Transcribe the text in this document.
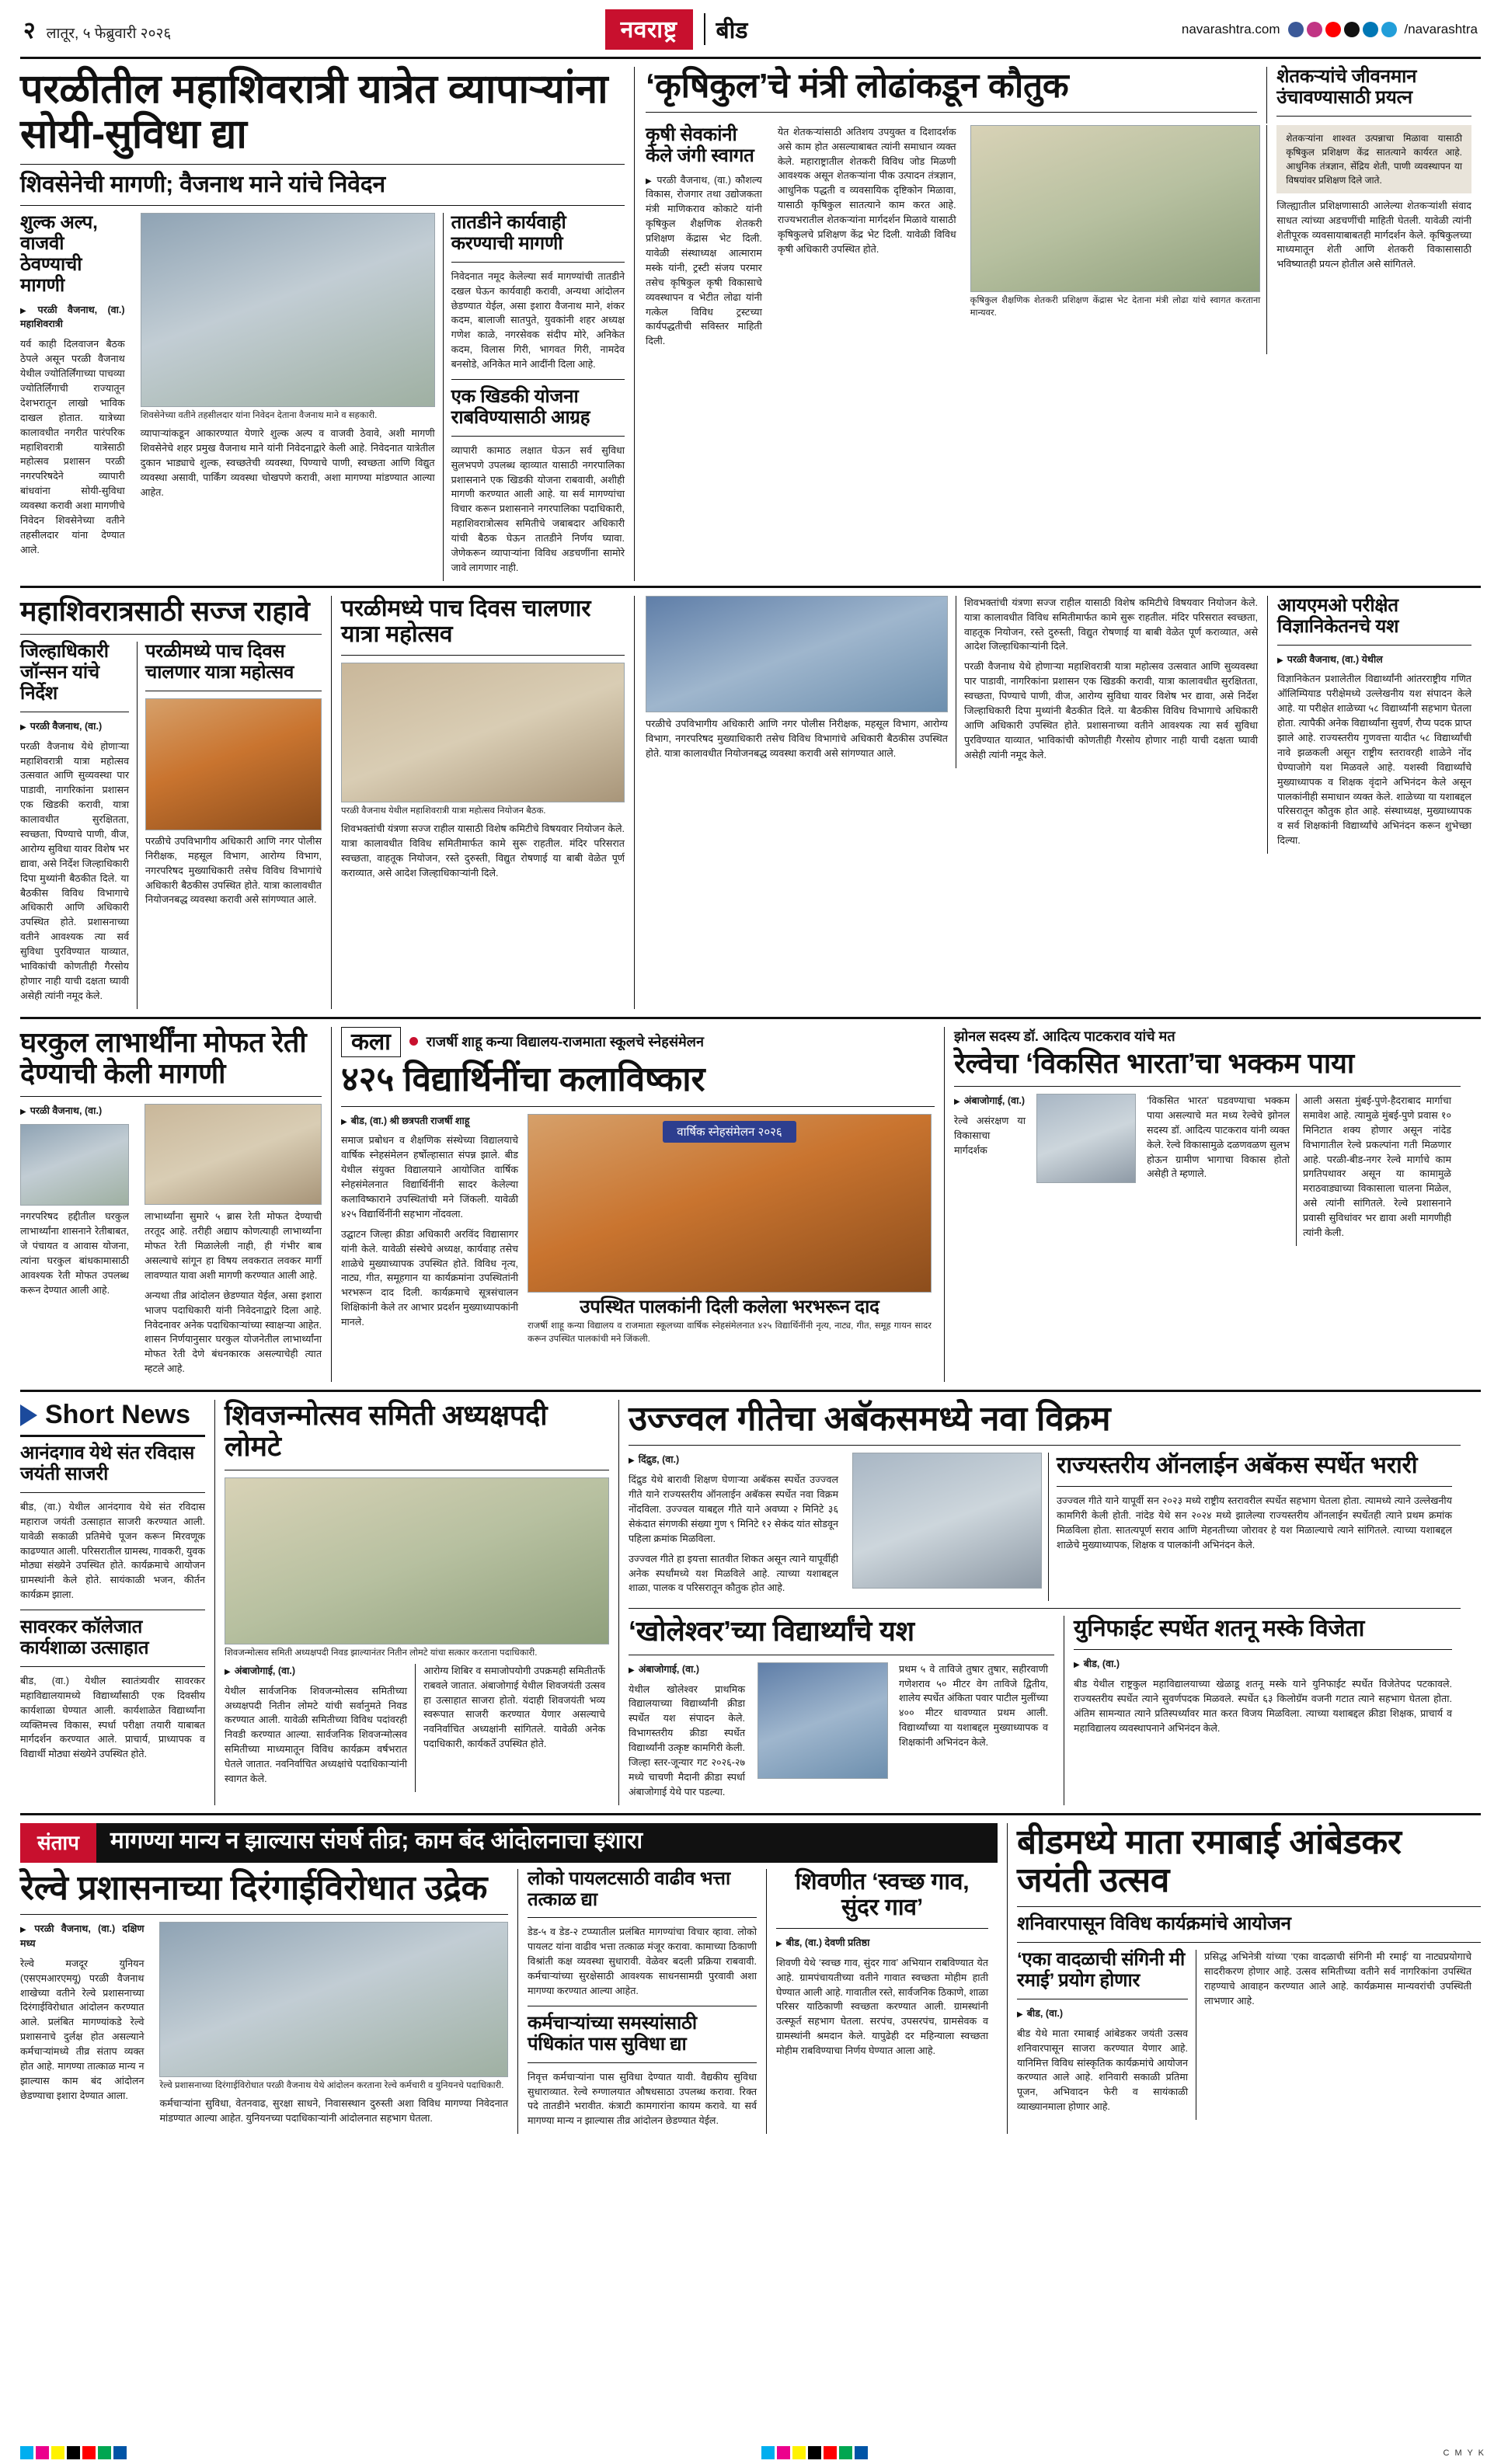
२ लातूर, ५ फेब्रुवारी २०२६	नवराष्ट्र	बीड	navarashtra.com	/navarashtra
परळीतील महाशिवरात्री यात्रेत व्यापाऱ्यांना सोयी-सुविधा द्या
शिवसेनेची मागणी; वैजनाथ माने यांचे निवेदन
शुल्क अल्प, वाजवी ठेवण्याची मागणी

▶ परळी वैजनाथ, (वा.) महाशिवरात्री

यर्व काही दिलवाजन बैठक ठेपले असून परळी वैजनाथ येथील ज्योतिर्लिंगाच्या पाचव्या ज्योतिर्लिंगाची राज्यातून देशभरातून लाखो भाविक दाखल होतात. यात्रेच्या कालावधीत नगरीत पारंपरिक महाशिवरात्री यात्रेसाठी महोत्सव प्रशासन परळी नगरपरिषदेने व्यापारी बांधवांना सोयी-सुविधा व्यवस्था करावी अशा मागणीचे निवेदन शिवसेनेच्या वतीने तहसीलदार यांना देण्यात आले.

शिवसेनेच्या वतीने तहसीलदार यांना निवेदन देताना वैजनाथ माने व सहकारी.

व्यापाऱ्यांकडून आकारण्यात येणारे शुल्क अल्प व वाजवी ठेवावे, अशी मागणी शिवसेनेचे शहर प्रमुख वैजनाथ माने यांनी निवेदनाद्वारे केली आहे. निवेदनात यात्रेतील दुकान भाड्याचे शुल्क, स्वच्छतेची व्यवस्था, पिण्याचे पाणी, स्वच्छता आणि विद्युत व्यवस्था असावी, पार्किंग व्यवस्था चोखपणे करावी, अशा मागण्या मांडण्यात आल्या आहेत.

तातडीने कार्यवाही करण्याची मागणी

निवेदनात नमूद केलेल्या सर्व मागण्यांची तातडीने दखल घेऊन कार्यवाही करावी, अन्यथा आंदोलन छेडण्यात येईल, असा इशारा वैजनाथ माने, शंकर कदम, बालाजी सातपुते, युवकांनी शहर अध्यक्ष गणेश काळे, नगरसेवक संदीप मोरे, अनिकेत कदम, विलास गिरी, भागवत गिरी, नामदेव बनसोडे, अनिकेत माने आदींनी दिला आहे.

एक खिडकी योजना राबविण्यासाठी आग्रह

व्यापारी कामाठ लक्षात घेऊन सर्व सुविधा सुलभपणे उपलब्ध व्हाव्यात यासाठी नगरपालिका प्रशासनाने एक खिडकी योजना राबवावी, अशीही मागणी करण्यात आली आहे. या सर्व मागण्यांचा विचार करून प्रशासनाने नगरपालिका पदाधिकारी, महाशिवरात्रोत्सव समितीचे जबाबदार अधिकारी यांची बैठक घेऊन तातडीने निर्णय घ्यावा. जेणेकरून व्यापाऱ्यांना विविध अडचणींना सामोरे जावे लागणार नाही.

‘कृषिकुल’चे मंत्री लोढांकडून कौतुक	शेतकऱ्यांचे जीवनमान उंचावण्यासाठी प्रयत्न
कृषी सेवकांनी केले जंगी स्वागत

▶ परळी वैजनाथ, (वा.) कौशल्य विकास, रोजगार तथा उद्योजकता मंत्री माणिकराव कोकाटे यांनी कृषिकुल शैक्षणिक शेतकरी प्रशिक्षण केंद्रास भेट दिली. यावेळी संस्थाध्यक्ष आत्माराम मस्के यांनी, ट्रस्टी संजय परमार तसेच कृषिकुल कृषी विकासाचे व्यवस्थापन व भेटीत लोढा यांनी गत्केल विविध ट्रस्टच्या कार्यपद्धतीची सविस्तर माहिती दिली.

येत शेतकऱ्यांसाठी अतिशय उपयुक्त व दिशादर्शक असे काम होत असल्याबाबत त्यांनी समाधान व्यक्त केले. महाराष्ट्रातील शेतकरी विविध जोड मिळणी आवश्यक असून शेतकऱ्यांना पीक उत्पादन तंत्रज्ञान, आधुनिक पद्धती व व्यवसायिक दृष्टिकोन मिळावा, यासाठी कृषिकुल सातत्याने काम करत आहे. राज्यभरातील शेतकऱ्यांना मार्गदर्शन मिळावे यासाठी कृषिकुलचे प्रशिक्षण केंद्र भेट दिली. यावेळी विविध कृषी अधिकारी उपस्थित होते.

कृषिकुल शैक्षणिक शेतकरी प्रशिक्षण केंद्रास भेट देताना मंत्री लोढा यांचे स्वागत करताना मान्यवर.
शेतकऱ्यांना शाश्वत उत्पन्नाचा मिळावा यासाठी कृषिकुल प्रशिक्षण केंद्र सातत्याने कार्यरत आहे. आधुनिक तंत्रज्ञान, सेंद्रिय शेती, पाणी व्यवस्थापन या विषयांवर प्रशिक्षण दिले जाते.

जिल्ह्यातील प्रशिक्षणासाठी आलेल्या शेतकऱ्यांशी संवाद साधत त्यांच्या अडचणींची माहिती घेतली. यावेळी त्यांनी शेतीपूरक व्यवसायाबाबतही मार्गदर्शन केले. कृषिकुलच्या माध्यमातून शेती आणि शेतकरी विकासासाठी भविष्यातही प्रयत्न होतील असे सांगितले.

महाशिवरात्रसाठी सज्ज राहावे
जिल्हाधिकारी जॉन्सन यांचे निर्देश

▶ परळी वैजनाथ, (वा.)

परळी वैजनाथ येथे होणाऱ्या महाशिवरात्री यात्रा महोत्सव उत्सवात आणि सुव्यवस्था पार पाडावी, नागरिकांना प्रशासन एक खिडकी करावी, यात्रा कालावधीत सुरक्षितता, स्वच्छता, पिण्याचे पाणी, वीज, आरोग्य सुविधा यावर विशेष भर द्यावा, असे निर्देश जिल्हाधिकारी दिपा मुथ्यांनी बैठकीत दिले. या बैठकीस विविध विभागाचे अधिकारी आणि अधिकारी उपस्थित होते. प्रशासनाच्या वतीने आवश्यक त्या सर्व सुविधा पुरविण्यात याव्यात, भाविकांची कोणतीही गैरसोय होणार नाही याची दक्षता घ्यावी असेही त्यांनी नमूद केले.

परळीमध्ये पाच दिवस चालणार यात्रा महोत्सव

परळीचे उपविभागीय अधिकारी आणि नगर पोलीस निरीक्षक, महसूल विभाग, आरोग्य विभाग, नगरपरिषद मुख्याधिकारी तसेच विविध विभागांचे अधिकारी बैठकीस उपस्थित होते. यात्रा कालावधीत नियोजनबद्ध व्यवस्था करावी असे सांगण्यात आले.

परळीमध्ये पाच दिवस चालणार यात्रा महोत्सव
परळी वैजनाथ येथील महाशिवरात्री यात्रा महोत्सव नियोजन बैठक.

शिवभक्तांची यंत्रणा सज्ज राहील यासाठी विशेष कमिटीचे विषयवार नियोजन केले. यात्रा कालावधीत विविध समितीमार्फत कामे सुरू राहतील. मंदिर परिसरात स्वच्छता, वाहतूक नियोजन, रस्ते दुरुस्ती, विद्युत रोषणाई या बाबी वेळेत पूर्ण कराव्यात, असे आदेश जिल्हाधिकाऱ्यांनी दिले.

परळीचे उपविभागीय अधिकारी आणि नगर पोलीस निरीक्षक, महसूल विभाग, आरोग्य विभाग, नगरपरिषद मुख्याधिकारी तसेच विविध विभागांचे अधिकारी बैठकीस उपस्थित होते. यात्रा कालावधीत नियोजनबद्ध व्यवस्था करावी असे सांगण्यात आले.

शिवभक्तांची यंत्रणा सज्ज राहील यासाठी विशेष कमिटीचे विषयवार नियोजन केले. यात्रा कालावधीत विविध समितीमार्फत कामे सुरू राहतील. मंदिर परिसरात स्वच्छता, वाहतूक नियोजन, रस्ते दुरुस्ती, विद्युत रोषणाई या बाबी वेळेत पूर्ण कराव्यात, असे आदेश जिल्हाधिकाऱ्यांनी दिले.

परळी वैजनाथ येथे होणाऱ्या महाशिवरात्री यात्रा महोत्सव उत्सवात आणि सुव्यवस्था पार पाडावी, नागरिकांना प्रशासन एक खिडकी करावी, यात्रा कालावधीत सुरक्षितता, स्वच्छता, पिण्याचे पाणी, वीज, आरोग्य सुविधा यावर विशेष भर द्यावा, असे निर्देश जिल्हाधिकारी दिपा मुथ्यांनी बैठकीत दिले. या बैठकीस विविध विभागाचे अधिकारी आणि अधिकारी उपस्थित होते. प्रशासनाच्या वतीने आवश्यक त्या सर्व सुविधा पुरविण्यात याव्यात, भाविकांची कोणतीही गैरसोय होणार नाही याची दक्षता घ्यावी असेही त्यांनी नमूद केले.

आयएमओ परीक्षेत विज्ञानिकेतनचे यश

▶ परळी वैजनाथ, (वा.) येथील

विज्ञानिकेतन प्रशालेतील विद्यार्थ्यांनी आंतरराष्ट्रीय गणित ऑलिम्पियाड परीक्षेमध्ये उल्लेखनीय यश संपादन केले आहे. या परीक्षेत शाळेच्या ५८ विद्यार्थ्यांनी सहभाग घेतला होता. त्यापैकी अनेक विद्यार्थ्यांना सुवर्ण, रौप्य पदक प्राप्त झाले आहे. राज्यस्तरीय गुणवत्ता यादीत ५८ विद्यार्थ्यांची नावे झळकली असून राष्ट्रीय स्तरावरही शाळेने नोंद घेण्याजोगे यश मिळवले आहे. यशस्वी विद्यार्थ्यांचे मुख्याध्यापक व शिक्षक वृंदाने अभिनंदन केले असून पालकांनीही समाधान व्यक्त केले. शाळेच्या या यशाबद्दल परिसरातून कौतुक होत आहे. संस्थाध्यक्ष, मुख्याध्यापक व सर्व शिक्षकांनी विद्यार्थ्यांचे अभिनंदन करून शुभेच्छा दिल्या.

घरकुल लाभार्थींना मोफत रेती देण्याची केली मागणी

▶ परळी वैजनाथ, (वा.)

नगरपरिषद हद्दीतील घरकुल लाभार्थ्यांना शासनाने रेतीबाबत, जे पंचायत व आवास योजना, त्यांना घरकुल बांधकामासाठी आवश्यक रेती मोफत उपलब्ध करून देण्यात आली आहे.

लाभार्थ्यांना सुमारे ५ ब्रास रेती मोफत देण्याची तरतूद आहे. तरीही अद्याप कोणत्याही लाभार्थ्यांना मोफत रेती मिळालेली नाही, ही गंभीर बाब असल्याचे सांगून हा विषय लवकरात लवकर मार्गी लावण्यात यावा अशी मागणी करण्यात आली आहे.

अन्यथा तीव्र आंदोलन छेडण्यात येईल, असा इशारा भाजप पदाधिकारी यांनी निवेदनाद्वारे दिला आहे. निवेदनावर अनेक पदाधिकाऱ्यांच्या स्वाक्षऱ्या आहेत. शासन निर्णयानुसार घरकुल योजनेतील लाभार्थ्यांना मोफत रेती देणे बंधनकारक असल्याचेही त्यात म्हटले आहे.

कला	राजर्षी शाहू कन्या विद्यालय-राजमाता स्कूलचे स्नेहसंमेलन
४२५ विद्यार्थिनींचा कलाविष्कार

▶ बीड, (वा.) श्री छत्रपती राजर्षी शाहू

समाज प्रबोधन व शैक्षणिक संस्थेच्या विद्यालयाचे वार्षिक स्नेहसंमेलन हर्षोल्हासात संपन्न झाले. बीड येथील संयुक्त विद्यालयाने आयोजित वार्षिक स्नेहसंमेलनात विद्यार्थिनींनी सादर केलेल्या कलाविष्काराने उपस्थितांची मने जिंकली. यावेळी ४२५ विद्यार्थिनींनी सहभाग नोंदवला.

उद्घाटन जिल्हा क्रीडा अधिकारी अरविंद विद्यासागर यांनी केले. यावेळी संस्थेचे अध्यक्ष, कार्यवाह तसेच शाळेचे मुख्याध्यापक उपस्थित होते. विविध नृत्य, नाट्य, गीत, समूहगान या कार्यक्रमांना उपस्थितांनी भरभरून दाद दिली. कार्यक्रमाचे सूत्रसंचालन शिक्षिकांनी केले तर आभार प्रदर्शन मुख्याध्यापकांनी मानले.

वार्षिक स्नेहसंमेलन २०२६
उपस्थित पालकांनी दिली कलेला भरभरून दाद
राजर्षी शाहू कन्या विद्यालय व राजमाता स्कूलच्या वार्षिक स्नेहसंमेलनात ४२५ विद्यार्थिनींनी नृत्य, नाट्य, गीत, समूह गायन सादर करून उपस्थित पालकांची मने जिंकली.
झोनल सदस्य डॉ. आदित्य पाटकराव यांचे मत
रेल्वेचा ‘विकसित भारता’चा भक्कम पाया

▶ अंबाजोगाई, (वा.)

रेल्वे असंरक्षण या विकासाचा मार्गदर्शक

‘विकसित भारत’ घडवण्याचा भक्कम पाया असल्याचे मत मध्य रेल्वेचे झोनल सदस्य डॉ. आदित्य पाटकराव यांनी व्यक्त केले. रेल्वे विकासामुळे दळणवळण सुलभ होऊन ग्रामीण भागाचा विकास होतो असेही ते म्हणाले.

आली असता मुंबई-पुणे-हैदराबाद मार्गाचा समावेश आहे. त्यामुळे मुंबई-पुणे प्रवास १० मिनिटात शक्य होणार असून नांदेड विभागातील रेल्वे प्रकल्पांना गती मिळणार आहे. परळी-बीड-नगर रेल्वे मार्गाचे काम प्रगतिपथावर असून या कामामुळे मराठवाड्याच्या विकासाला चालना मिळेल, असे त्यांनी सांगितले. रेल्वे प्रशासनाने प्रवासी सुविधांवर भर द्यावा अशी मागणीही त्यांनी केली.

Short News
आनंदगाव येथे संत रविदास जयंती साजरी

बीड, (वा.) येथील आनंदगाव येथे संत रविदास महाराज जयंती उत्साहात साजरी करण्यात आली. यावेळी सकाळी प्रतिमेचे पूजन करून मिरवणूक काढण्यात आली. परिसरातील ग्रामस्थ, गावकरी, युवक मोठ्या संख्येने उपस्थित होते. कार्यक्रमाचे आयोजन ग्रामस्थांनी केले होते. सायंकाळी भजन, कीर्तन कार्यक्रम झाला.

सावरकर कॉलेजात कार्यशाळा उत्साहात

बीड, (वा.) येथील स्वातंत्र्यवीर सावरकर महाविद्यालयामध्ये विद्यार्थ्यांसाठी एक दिवसीय कार्यशाळा घेण्यात आली. कार्यशाळेत विद्यार्थ्यांना व्यक्तिमत्त्व विकास, स्पर्धा परीक्षा तयारी याबाबत मार्गदर्शन करण्यात आले. प्राचार्य, प्राध्यापक व विद्यार्थी मोठ्या संख्येने उपस्थित होते.

शिवजन्मोत्सव समिती अध्यक्षपदी लोमटे
शिवजन्मोत्सव समिती अध्यक्षपदी निवड झाल्यानंतर नितीन लोमटे यांचा सत्कार करताना पदाधिकारी.

▶ अंबाजोगाई, (वा.)

येथील सार्वजनिक शिवजन्मोत्सव समितीच्या अध्यक्षपदी नितीन लोमटे यांची सर्वानुमते निवड करण्यात आली. यावेळी समितीच्या विविध पदांवरही निवडी करण्यात आल्या. सार्वजनिक शिवजन्मोत्सव समितीच्या माध्यमातून विविध कार्यक्रम वर्षभरात घेतले जातात. नवनिर्वाचित अध्यक्षांचे पदाधिकाऱ्यांनी स्वागत केले.

आरोग्य शिबिर व समाजोपयोगी उपक्रमही समितीतर्फे राबवले जातात. अंबाजोगाई येथील शिवजयंती उत्सव हा उत्साहात साजरा होतो. यंदाही शिवजयंती भव्य स्वरूपात साजरी करण्यात येणार असल्याचे नवनिर्वाचित अध्यक्षांनी सांगितले. यावेळी अनेक पदाधिकारी, कार्यकर्ते उपस्थित होते.

उज्ज्वल गीतेचा अबॅकसमध्ये नवा विक्रम

▶ दिंद्रुड, (वा.)

दिंद्रुड येथे बारावी शिक्षण घेणाऱ्या अबॅकस स्पर्धेत उज्ज्वल गीते याने राज्यस्तरीय ऑनलाईन अबॅकस स्पर्धेत नवा विक्रम नोंदविला. उज्ज्वल याबद्दल गीते याने अवघ्या २ मिनिटे ३६ सेकंदात संगणकी संख्या गुण ९ मिनिटे १२ सेकंद यांत सोडवून पहिला क्रमांक मिळविला.

उज्ज्वल गीते हा इयत्ता सातवीत शिकत असून त्याने यापूर्वीही अनेक स्पर्धांमध्ये यश मिळविले आहे. त्याच्या यशाबद्दल शाळा, पालक व परिसरातून कौतुक होत आहे.

राज्यस्तरीय ऑनलाईन अबॅकस स्पर्धेत भरारी

उज्ज्वल गीते याने यापूर्वी सन २०२३ मध्ये राष्ट्रीय स्तरावरील स्पर्धेत सहभाग घेतला होता. त्यामध्ये त्याने उल्लेखनीय कामगिरी केली होती. नांदेड येथे सन २०२४ मध्ये झालेल्या राज्यस्तरीय ऑनलाईन स्पर्धेतही त्याने प्रथम क्रमांक मिळविला होता. सातत्यपूर्ण सराव आणि मेहनतीच्या जोरावर हे यश मिळाल्याचे त्याने सांगितले. त्याच्या यशाबद्दल शाळेचे मुख्याध्यापक, शिक्षक व पालकांनी अभिनंदन केले.

‘खोलेश्वर’च्या विद्यार्थ्यांचे यश

▶ अंबाजोगाई, (वा.)

येथील खोलेश्वर प्राथमिक विद्यालयाच्या विद्यार्थ्यांनी क्रीडा स्पर्धेत यश संपादन केले. विभागस्तरीय क्रीडा स्पर्धेत विद्यार्थ्यांनी उत्कृष्ट कामगिरी केली. जिल्हा स्तर-जून्यार गट २०२६-२७ मध्ये चाचणी मैदानी क्रीडा स्पर्धा अंबाजोगाई येथे पार पडल्या.

प्रथम ५ वे ताविजे तुषार तुषार, सहीरवाणी गणेशराव ५० मीटर वेग ताविजे द्वितीय, शालेय स्पर्धेत अंकिता पवार पाटील मुलींच्या ४०० मीटर धावण्यात प्रथम आली. विद्यार्थ्यांच्या या यशाबद्दल मुख्याध्यापक व शिक्षकांनी अभिनंदन केले.

युनिफाईट स्पर्धेत शतनू मस्के विजेता

▶ बीड, (वा.)

बीड येथील राष्ट्रकुल महाविद्यालयाच्या खेळाडू शतनू मस्के याने युनिफाईट स्पर्धेत विजेतेपद पटकावले. राज्यस्तरीय स्पर्धेत त्याने सुवर्णपदक मिळवले. स्पर्धेत ६३ किलोग्रॅम वजनी गटात त्याने सहभाग घेतला होता. अंतिम सामन्यात त्याने प्रतिस्पर्ध्यावर मात करत विजय मिळविला. त्याच्या यशाबद्दल क्रीडा शिक्षक, प्राचार्य व महाविद्यालय व्यवस्थापनाने अभिनंदन केले.

संताप	मागण्या मान्य न झाल्यास संघर्ष तीव्र; काम बंद आंदोलनाचा इशारा
रेल्वे प्रशासनाच्या दिरंगाईविरोधात उद्रेक

▶ परळी वैजनाथ, (वा.) दक्षिण मध्य

रेल्वे मजदूर युनियन (एसएमआरएमयू) परळी वैजनाथ शाखेच्या वतीने रेल्वे प्रशासनाच्या दिरंगाईविरोधात आंदोलन करण्यात आले. प्रलंबित मागण्यांकडे रेल्वे प्रशासनाचे दुर्लक्ष होत असल्याने कर्मचाऱ्यांमध्ये तीव्र संताप व्यक्त होत आहे. मागण्या तात्काळ मान्य न झाल्यास काम बंद आंदोलन छेडण्याचा इशारा देण्यात आला.

रेल्वे प्रशासनाच्या दिरंगाईविरोधात परळी वैजनाथ येथे आंदोलन करताना रेल्वे कर्मचारी व युनियनचे पदाधिकारी.

कर्मचाऱ्यांना सुविधा, वेतनवाढ, सुरक्षा साधने, निवासस्थान दुरुस्ती अशा विविध मागण्या निवेदनात मांडण्यात आल्या आहेत. युनियनच्या पदाधिकाऱ्यांनी आंदोलनात सहभाग घेतला.

लोको पायलटसाठी वाढीव भत्ता तत्काळ द्या

डेड-५ व डेड-२ टप्प्यातील प्रलंबित मागण्यांचा विचार व्हावा. लोको पायलट यांना वाढीव भत्ता तत्काळ मंजूर करावा. कामाच्या ठिकाणी विश्रांती कक्ष व्यवस्था सुधारावी. वेळेवर बदली प्रक्रिया राबवावी. कर्मचाऱ्यांच्या सुरक्षेसाठी आवश्यक साधनसामग्री पुरवावी अशा मागण्या करण्यात आल्या आहेत.

कर्मचाऱ्यांच्या समस्यांसाठी पंधिकांत पास सुविधा द्या

निवृत्त कर्मचाऱ्यांना पास सुविधा देण्यात यावी. वैद्यकीय सुविधा सुधाराव्यात. रेल्वे रुग्णालयात औषधसाठा उपलब्ध करावा. रिक्त पदे तातडीने भरावीत. कंत्राटी कामगारांना कायम करावे. या सर्व मागण्या मान्य न झाल्यास तीव्र आंदोलन छेडण्यात येईल.

शिवणीत ‘स्वच्छ गाव, सुंदर गाव’

▶ बीड, (वा.) देवणी प्रतिष्ठा

शिवणी येथे ‘स्वच्छ गाव, सुंदर गाव’ अभियान राबविण्यात येत आहे. ग्रामपंचायतीच्या वतीने गावात स्वच्छता मोहीम हाती घेण्यात आली आहे. गावातील रस्ते, सार्वजनिक ठिकाणे, शाळा परिसर याठिकाणी स्वच्छता करण्यात आली. ग्रामस्थांनी उत्स्फूर्त सहभाग घेतला. सरपंच, उपसरपंच, ग्रामसेवक व ग्रामस्थांनी श्रमदान केले. यापुढेही दर महिन्याला स्वच्छता मोहीम राबविण्याचा निर्णय घेण्यात आला आहे.

बीडमध्ये माता रमाबाई आंबेडकर जयंती उत्सव
शनिवारपासून विविध कार्यक्रमांचे आयोजन
‘एका वादळाची संगिनी मी रमाई’ प्रयोग होणार

▶ बीड, (वा.)

बीड येथे माता रमाबाई आंबेडकर जयंती उत्सव शनिवारपासून साजरा करण्यात येणार आहे. यानिमित्त विविध सांस्कृतिक कार्यक्रमांचे आयोजन करण्यात आले आहे. शनिवारी सकाळी प्रतिमा पूजन, अभिवादन फेरी व सायंकाळी व्याख्यानमाला होणार आहे.

प्रसिद्ध अभिनेत्री यांच्या ‘एका वादळाची संगिनी मी रमाई’ या नाट्यप्रयोगाचे सादरीकरण होणार आहे. उत्सव समितीच्या वतीने सर्व नागरिकांना उपस्थित राहण्याचे आवाहन करण्यात आले आहे. कार्यक्रमास मान्यवरांची उपस्थिती लाभणार आहे.

C M Y K
